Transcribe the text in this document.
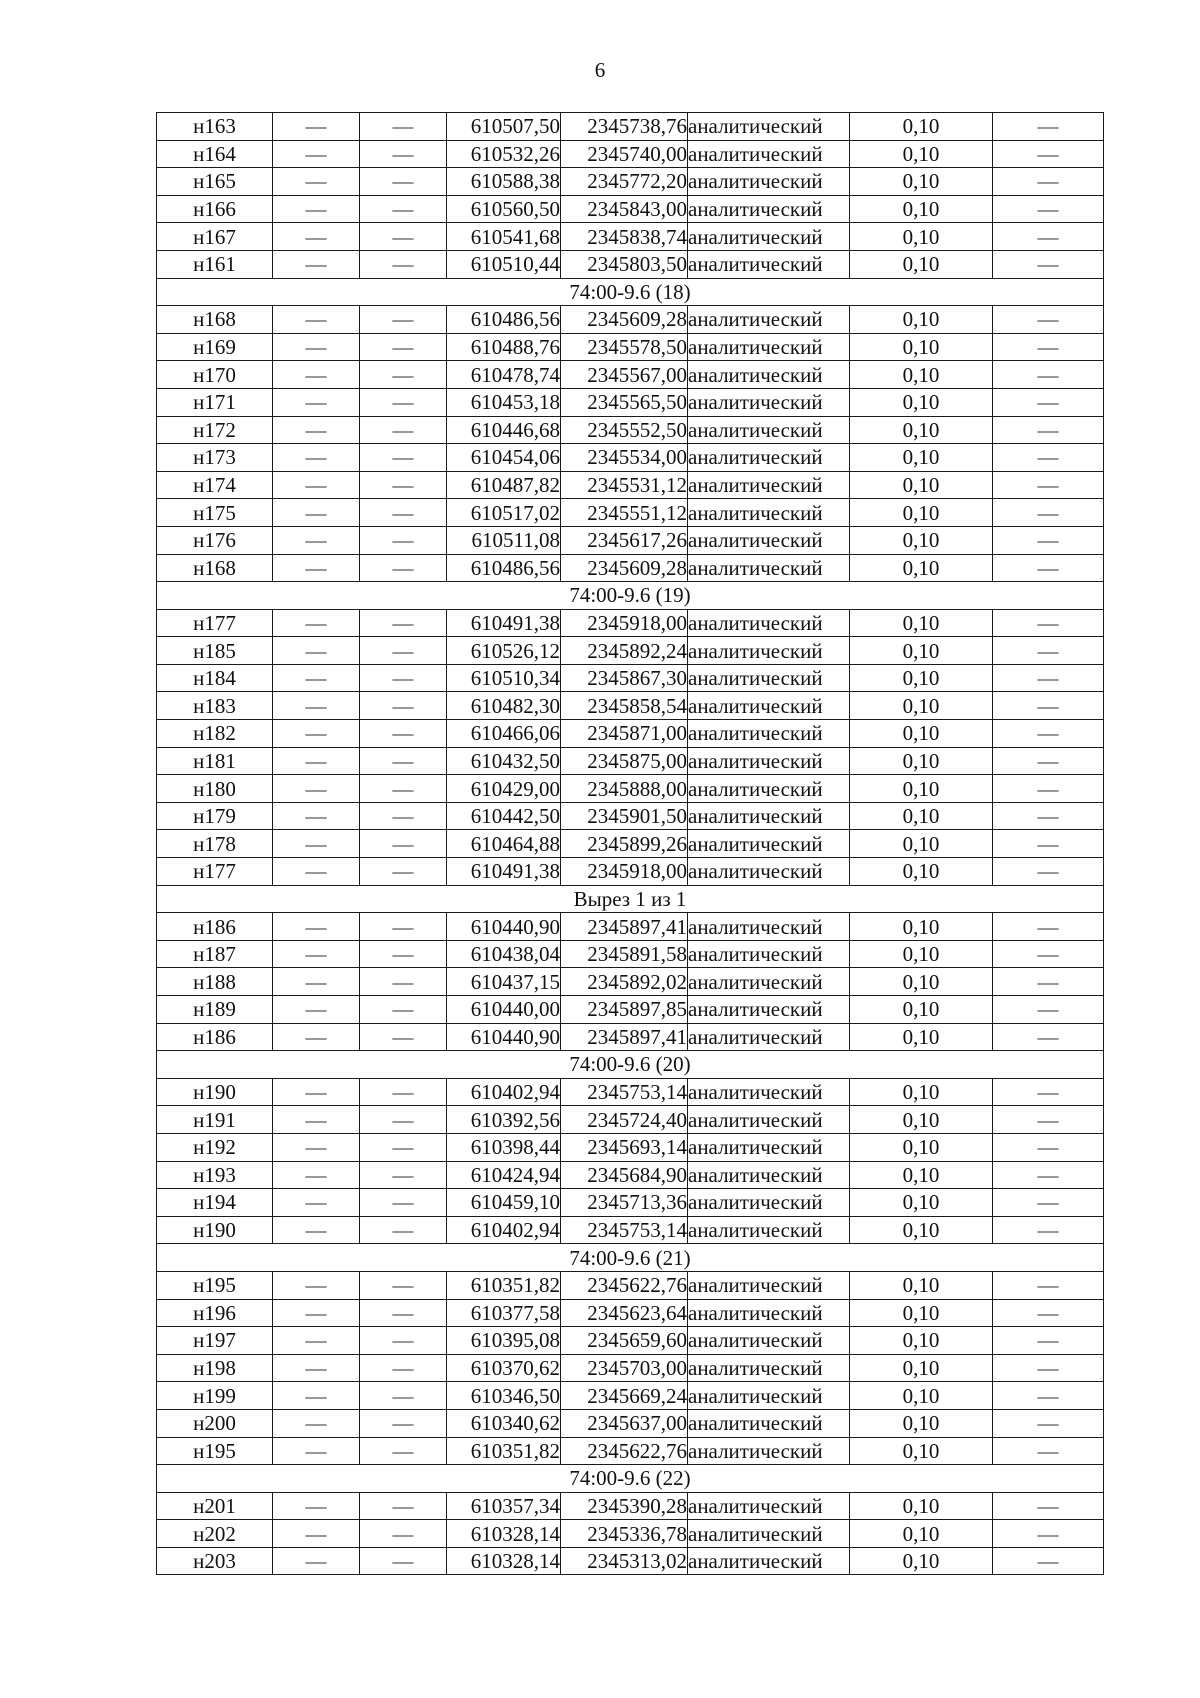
6
н163	—	—	610507,50	2345738,76	аналитический	0,10	—
н164	—	—	610532,26	2345740,00	аналитический	0,10	—
н165	—	—	610588,38	2345772,20	аналитический	0,10	—
н166	—	—	610560,50	2345843,00	аналитический	0,10	—
н167	—	—	610541,68	2345838,74	аналитический	0,10	—
н161	—	—	610510,44	2345803,50	аналитический	0,10	—
74:00-9.6 (18)							
н168	—	—	610486,56	2345609,28	аналитический	0,10	—
н169	—	—	610488,76	2345578,50	аналитический	0,10	—
н170	—	—	610478,74	2345567,00	аналитический	0,10	—
н171	—	—	610453,18	2345565,50	аналитический	0,10	—
н172	—	—	610446,68	2345552,50	аналитический	0,10	—
н173	—	—	610454,06	2345534,00	аналитический	0,10	—
н174	—	—	610487,82	2345531,12	аналитический	0,10	—
н175	—	—	610517,02	2345551,12	аналитический	0,10	—
н176	—	—	610511,08	2345617,26	аналитический	0,10	—
н168	—	—	610486,56	2345609,28	аналитический	0,10	—
74:00-9.6 (19)							
н177	—	—	610491,38	2345918,00	аналитический	0,10	—
н185	—	—	610526,12	2345892,24	аналитический	0,10	—
н184	—	—	610510,34	2345867,30	аналитический	0,10	—
н183	—	—	610482,30	2345858,54	аналитический	0,10	—
н182	—	—	610466,06	2345871,00	аналитический	0,10	—
н181	—	—	610432,50	2345875,00	аналитический	0,10	—
н180	—	—	610429,00	2345888,00	аналитический	0,10	—
н179	—	—	610442,50	2345901,50	аналитический	0,10	—
н178	—	—	610464,88	2345899,26	аналитический	0,10	—
н177	—	—	610491,38	2345918,00	аналитический	0,10	—
Вырез 1 из 1							
н186	—	—	610440,90	2345897,41	аналитический	0,10	—
н187	—	—	610438,04	2345891,58	аналитический	0,10	—
н188	—	—	610437,15	2345892,02	аналитический	0,10	—
н189	—	—	610440,00	2345897,85	аналитический	0,10	—
н186	—	—	610440,90	2345897,41	аналитический	0,10	—
74:00-9.6 (20)							
н190	—	—	610402,94	2345753,14	аналитический	0,10	—
н191	—	—	610392,56	2345724,40	аналитический	0,10	—
н192	—	—	610398,44	2345693,14	аналитический	0,10	—
н193	—	—	610424,94	2345684,90	аналитический	0,10	—
н194	—	—	610459,10	2345713,36	аналитический	0,10	—
н190	—	—	610402,94	2345753,14	аналитический	0,10	—
74:00-9.6 (21)							
н195	—	—	610351,82	2345622,76	аналитический	0,10	—
н196	—	—	610377,58	2345623,64	аналитический	0,10	—
н197	—	—	610395,08	2345659,60	аналитический	0,10	—
н198	—	—	610370,62	2345703,00	аналитический	0,10	—
н199	—	—	610346,50	2345669,24	аналитический	0,10	—
н200	—	—	610340,62	2345637,00	аналитический	0,10	—
н195	—	—	610351,82	2345622,76	аналитический	0,10	—
74:00-9.6 (22)							
н201	—	—	610357,34	2345390,28	аналитический	0,10	—
н202	—	—	610328,14	2345336,78	аналитический	0,10	—
н203	—	—	610328,14	2345313,02	аналитический	0,10	—
